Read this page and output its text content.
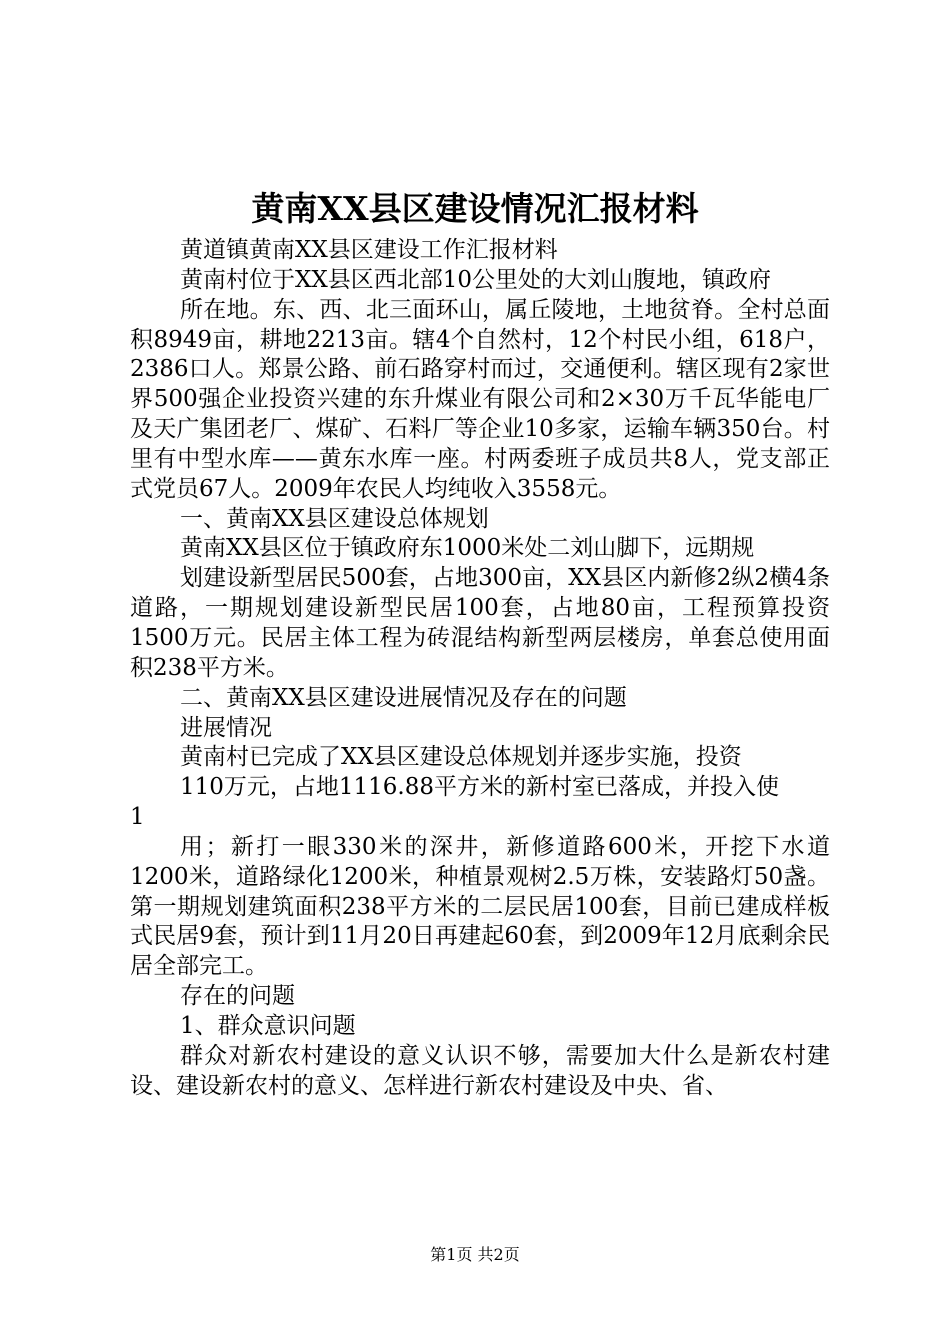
黄南XX县区建设情况汇报材料

黄道镇黄南XX县区建设工作汇报材料

黄南村位于XX县区西北部10公里处的大刘山腹地，镇政府

所在地。东、西、北三面环山，属丘陵地，土地贫脊。全村总面积8949亩，耕地2213亩。辖4个自然村，12个村民小组，618户，2386口人。郑景公路、前石路穿村而过，交通便利。辖区现有2家世界500强企业投资兴建的东升煤业有限公司和2×30万千瓦华能电厂及天广集团老厂、煤矿、石料厂等企业10多家，运输车辆350台。村里有中型水库——黄东水库一座。村两委班子成员共8人，党支部正式党员67人。2009年农民人均纯收入3558元。

一、黄南XX县区建设总体规划

黄南XX县区位于镇政府东1000米处二刘山脚下，远期规

划建设新型居民500套，占地300亩，XX县区内新修2纵2横4条道路，一期规划建设新型民居100套，占地80亩，工程预算投资1500万元。民居主体工程为砖混结构新型两层楼房，单套总使用面积238平方米。

二、黄南XX县区建设进展情况及存在的问题

进展情况

黄南村已完成了XX县区建设总体规划并逐步实施，投资

110万元，占地1116.88平方米的新村室已落成，并投入使

1

用；新打一眼330米的深井，新修道路600米，开挖下水道1200米，道路绿化1200米，种植景观树2.5万株，安装路灯50盏。第一期规划建筑面积238平方米的二层民居100套，目前已建成样板式民居9套，预计到11月20日再建起60套，到2009年12月底剩余民居全部完工。

存在的问题

1、群众意识问题

群众对新农村建设的意义认识不够，需要加大什么是新农村建设、建设新农村的意义、怎样进行新农村建设及中央、省、

第1页 共2页
